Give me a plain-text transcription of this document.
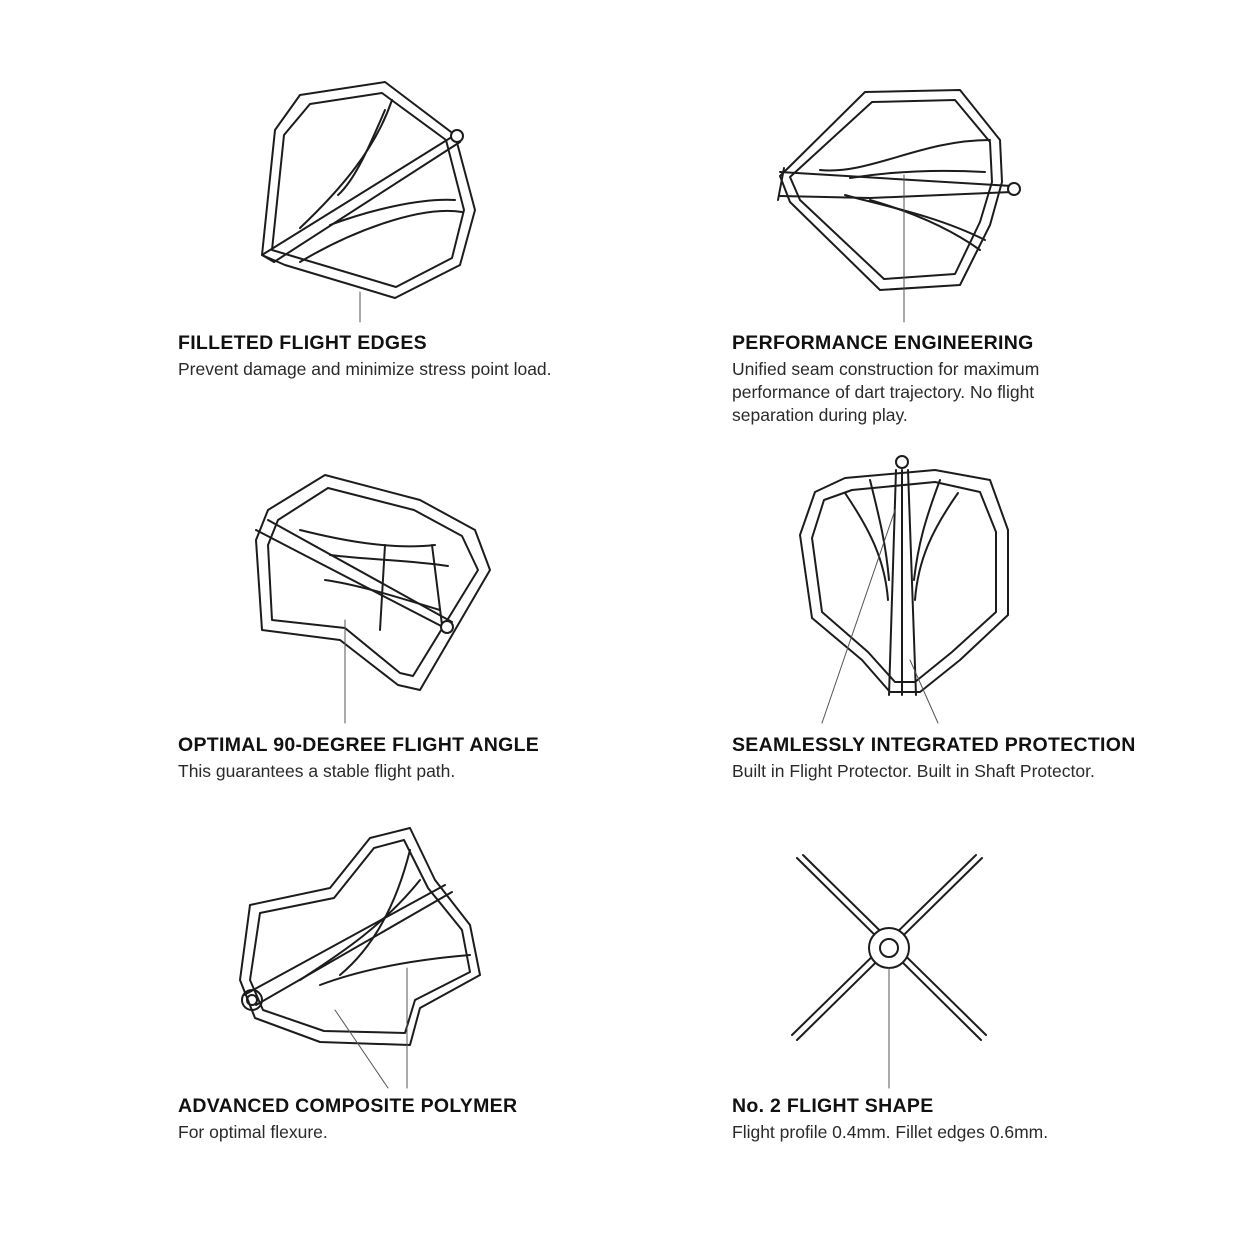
FILLETED FLIGHT EDGES

Prevent damage and minimize stress point load.

PERFORMANCE ENGINEERING

Unified seam construction for maximum performance of dart trajectory. No flight separation during play.

OPTIMAL 90-DEGREE FLIGHT ANGLE

This guarantees a stable flight path.

SEAMLESSLY INTEGRATED PROTECTION

Built in Flight Protector. Built in Shaft Protector.

ADVANCED COMPOSITE POLYMER

For optimal flexure.

No. 2 FLIGHT SHAPE

Flight profile 0.4mm. Fillet edges 0.6mm.
